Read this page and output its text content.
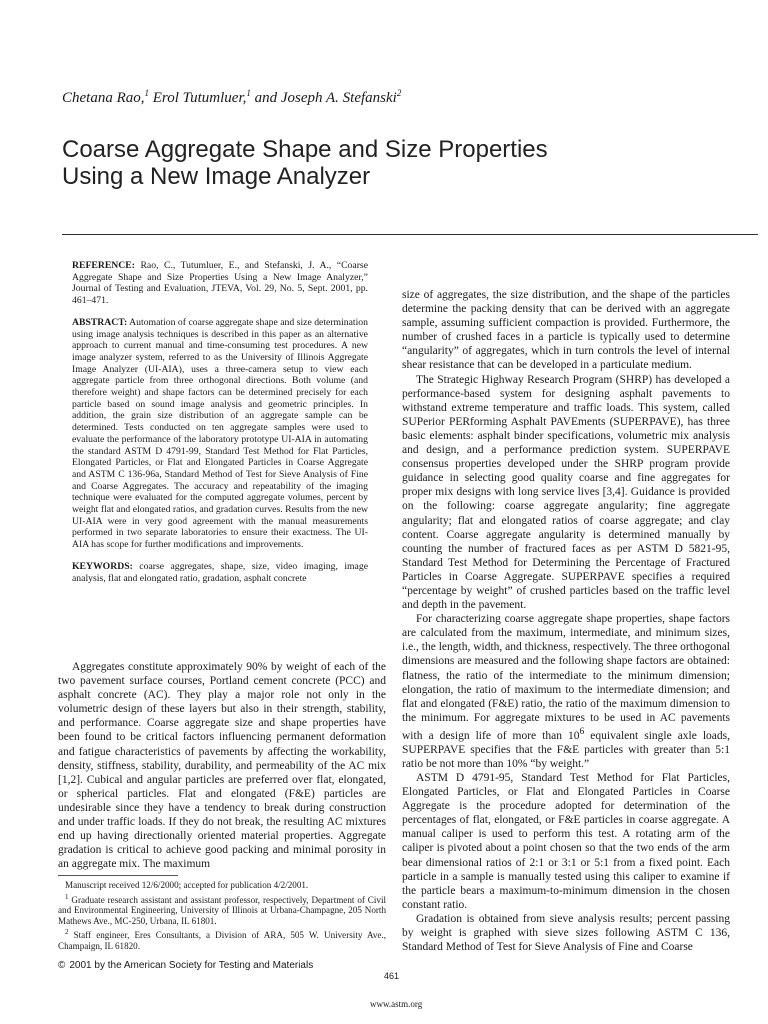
Chetana Rao,$^1$ Erol Tutumluer,$^1$ and Joseph A. Stefanski$^2$
Coarse Aggregate Shape and Size Properties
Using a New Image Analyzer

REFERENCE: Rao, C., Tutumluer, E., and Stefanski, J. A., “Coarse Aggregate Shape and Size Properties Using a New Image Analyzer,” Journal of Testing and Evaluation, JTEVA, Vol. 29, No. 5, Sept. 2001, pp. 461–471.

ABSTRACT: Automation of coarse aggregate shape and size determination using image analysis techniques is described in this paper as an alternative approach to current manual and time-consuming test procedures. A new image analyzer system, referred to as the University of Illinois Aggregate Image Analyzer (UI-AIA), uses a three-camera setup to view each aggregate particle from three orthogonal directions. Both volume (and therefore weight) and shape factors can be determined precisely for each particle based on sound image analysis and geometric principles. In addition, the grain size distribution of an aggregate sample can be determined. Tests conducted on ten aggregate samples were used to evaluate the performance of the laboratory prototype UI-AIA in automating the standard ASTM D 4791-99, Standard Test Method for Flat Particles, Elongated Particles, or Flat and Elongated Particles in Coarse Aggregate and ASTM C 136-96a, Standard Method of Test for Sieve Analysis of Fine and Coarse Aggregates. The accuracy and repeatability of the imaging technique were evaluated for the computed aggregate volumes, percent by weight flat and elongated ratios, and gradation curves. Results from the new UI-AIA were in very good agreement with the manual measurements performed in two separate laboratories to ensure their exactness. The UI-AIA has scope for further modifications and improvements.

KEYWORDS: coarse aggregates, shape, size, video imaging, image analysis, flat and elongated ratio, gradation, asphalt concrete

Aggregates constitute approximately 90% by weight of each of the two pavement surface courses, Portland cement concrete (PCC) and asphalt concrete (AC). They play a major role not only in the volumetric design of these layers but also in their strength, stability, and performance. Coarse aggregate size and shape properties have been found to be critical factors influencing permanent deformation and fatigue characteristics of pavements by affecting the workability, density, stiffness, stability, durability, and permeability of the AC mix [1,2]. Cubical and angular particles are preferred over flat, elongated, or spherical particles. Flat and elongated (F&E) particles are undesirable since they have a tendency to break during construction and under traffic loads. If they do not break, the resulting AC mixtures end up having directionally oriented material properties. Aggregate gradation is critical to achieve good packing and minimal porosity in an aggregate mix. The maximum

Manuscript received 12/6/2000; accepted for publication 4/2/2001.

$^1$ Graduate research assistant and assistant professor, respectively, Department of Civil and Environmental Engineering, University of Illinois at Urbana-Champagne, 205 North Mathews Ave., MC-250, Urbana, IL 61801.

$^2$ Staff engineer, Eres Consultants, a Division of ARA, 505 W. University Ave., Champaign, IL 61820.

© 2001 by the American Society for Testing and Materials

size of aggregates, the size distribution, and the shape of the particles determine the packing density that can be derived with an aggregate sample, assuming sufficient compaction is provided. Furthermore, the number of crushed faces in a particle is typically used to determine “angularity” of aggregates, which in turn controls the level of internal shear resistance that can be developed in a particulate medium.

The Strategic Highway Research Program (SHRP) has developed a performance-based system for designing asphalt pavements to withstand extreme temperature and traffic loads. This system, called SUPerior PERforming Asphalt PAVEments (SUPERPAVE), has three basic elements: asphalt binder specifications, volumetric mix analysis and design, and a performance prediction system. SUPERPAVE consensus properties developed under the SHRP program provide guidance in selecting good quality coarse and fine aggregates for proper mix designs with long service lives [3,4]. Guidance is provided on the following: coarse aggregate angularity; fine aggregate angularity; flat and elongated ratios of coarse aggregate; and clay content. Coarse aggregate angularity is determined manually by counting the number of fractured faces as per ASTM D 5821-95, Standard Test Method for Determining the Percentage of Fractured Particles in Coarse Aggregate. SUPERPAVE specifies a required “percentage by weight” of crushed particles based on the traffic level and depth in the pavement.

For characterizing coarse aggregate shape properties, shape factors are calculated from the maximum, intermediate, and minimum sizes, i.e., the length, width, and thickness, respectively. The three orthogonal dimensions are measured and the following shape factors are obtained: flatness, the ratio of the intermediate to the minimum dimension; elongation, the ratio of maximum to the intermediate dimension; and flat and elongated (F&E) ratio, the ratio of the maximum dimension to the minimum. For aggregate mixtures to be used in AC pavements with a design life of more than $10^6$ equivalent single axle loads, SUPERPAVE specifies that the F&E particles with greater than 5:1 ratio be not more than 10% “by weight.”

ASTM D 4791-95, Standard Test Method for Flat Particles, Elongated Particles, or Flat and Elongated Particles in Coarse Aggregate is the procedure adopted for determination of the percentages of flat, elongated, or F&E particles in coarse aggregate. A manual caliper is used to perform this test. A rotating arm of the caliper is pivoted about a point chosen so that the two ends of the arm bear dimensional ratios of 2:1 or 3:1 or 5:1 from a fixed point. Each particle in a sample is manually tested using this caliper to examine if the particle bears a maximum-to-minimum dimension in the chosen constant ratio.

Gradation is obtained from sieve analysis results; percent passing by weight is graphed with sieve sizes following ASTM C 136, Standard Method of Test for Sieve Analysis of Fine and Coarse

461
www.astm.org
